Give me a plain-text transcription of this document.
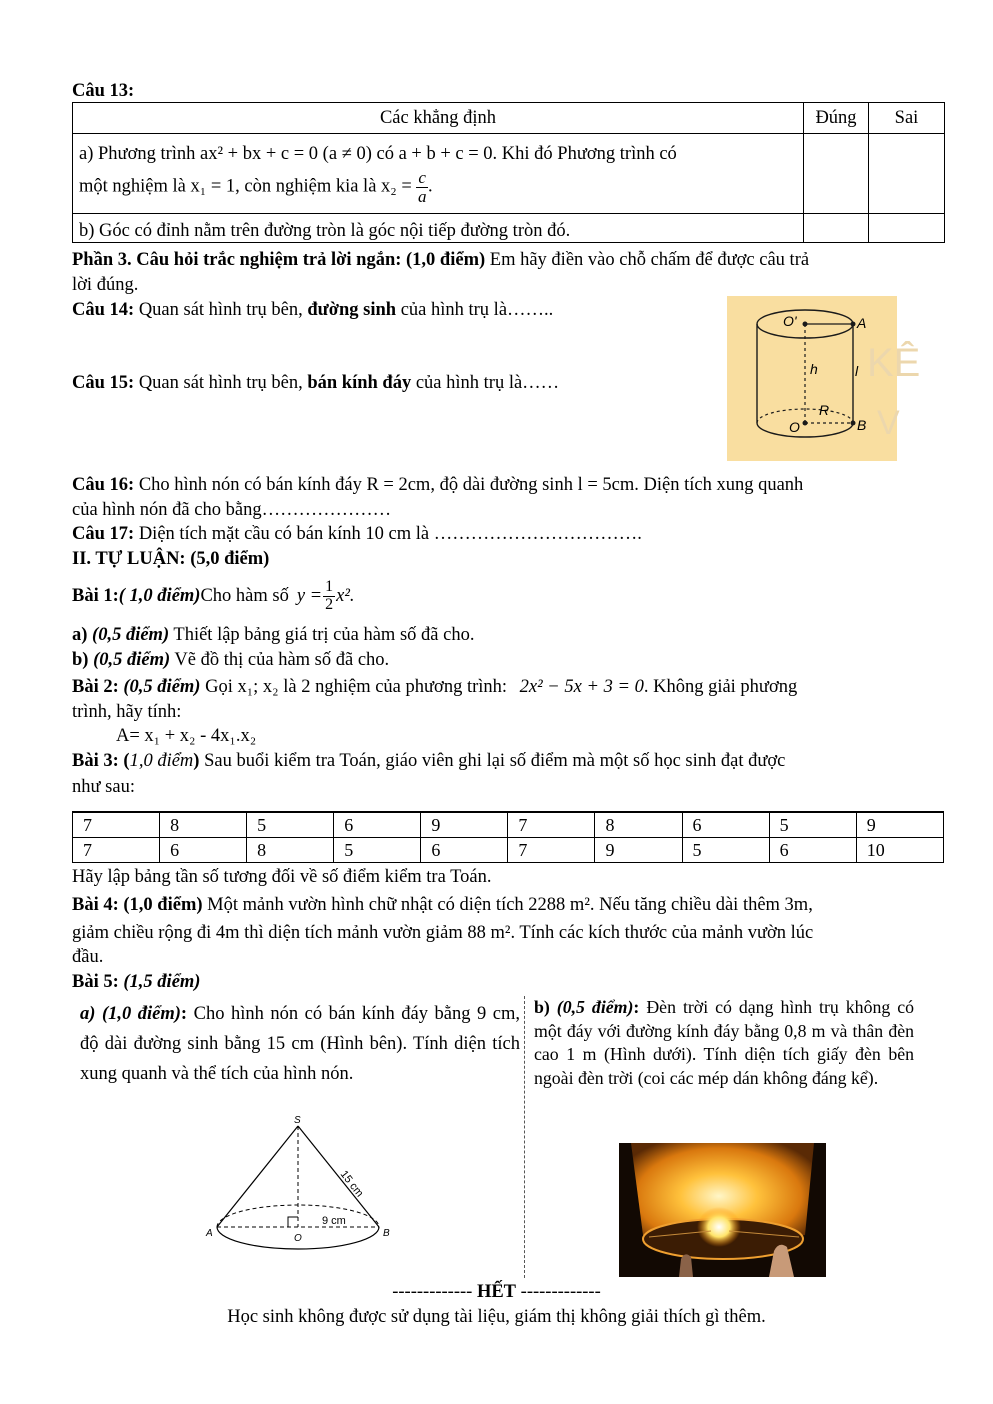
Câu 13:
Các khẳng định	Đúng	Sai

a) Phương trình ax² + bx + c = 0 (a ≠ 0) có a + b + c = 0. Khi đó Phương trình có
một nghiệm là x₁ = 1, còn nghiệm kia là $x_2 = \frac{c}{a}$ .		

b) Góc có đỉnh nằm trên đường tròn là góc nội tiếp đường tròn đó.		
Phần 3. Câu hỏi trắc nghiệm trả lời ngắn: (1,0 điểm) Em hãy điền vào chỗ chấm để được câu trả
lời đúng.
Câu 14: Quan sát hình trụ bên, đường sinh của hình trụ là……..
Câu 15: Quan sát hình trụ bên, bán kính đáy của hình trụ là……	KÊ
V
O'	A
h	l
R
O	B
Câu 16: Cho hình nón có bán kính đáy R = 2cm, độ dài đường sinh l = 5cm. Diện tích xung quanh
của hình nón đã cho bằng…………………
Câu 17: Diện tích mặt cầu có bán kính 10 cm là …………………………….
II. TỰ LUẬN: (5,0 điểm)
Bài 1: ( 1,0 điểm) Cho hàm số $y = \frac{1}{2} x^2$.
a) (0,5 điểm) Thiết lập bảng giá trị của hàm số đã cho.
b) (0,5 điểm) Vẽ đồ thị của hàm số đã cho.
Bài 2: (0,5 điểm) Gọi x₁; x₂ là 2 nghiệm của phương trình: 2x² − 5x + 3 = 0. Không giải phương
trình, hãy tính:
A= x₁ + x₂ - 4x₁.x₂
Bài 3: (1,0 điểm) Sau buổi kiểm tra Toán, giáo viên ghi lại số điểm mà một số học sinh đạt được
như sau:
7	8	5	6	9	7	8	6	5	9
7	6	8	5	6	7	9	5	6	10
Hãy lập bảng tần số tương đối về số điểm kiểm tra Toán.
Bài 4: (1,0 điểm) Một mảnh vườn hình chữ nhật có diện tích 2288 m². Nếu tăng chiều dài thêm 3m,
giảm chiều rộng đi 4m thì diện tích mảnh vườn giảm 88 m². Tính các kích thước của mảnh vườn lúc
đầu.
Bài 5: (1,5 điểm)
a) (1,0 điểm): Cho hình nón có bán kính đáy bằng 9 cm, độ dài đường sinh bằng 15 cm (Hình bên). Tính diện tích xung quanh và thể tích của hình nón.
b) (0,5 điểm): Đèn trời có dạng hình trụ không có một đáy với đường kính đáy bằng 0,8 m và thân đèn cao 1 m (Hình dưới). Tính diện tích giấy đèn bên ngoài đèn trời (coi các mép dán không đáng kể).
S
15 cm
9 cm
A	O	B
------------- HẾT -------------
Học sinh không được sử dụng tài liệu, giám thị không giải thích gì thêm.
